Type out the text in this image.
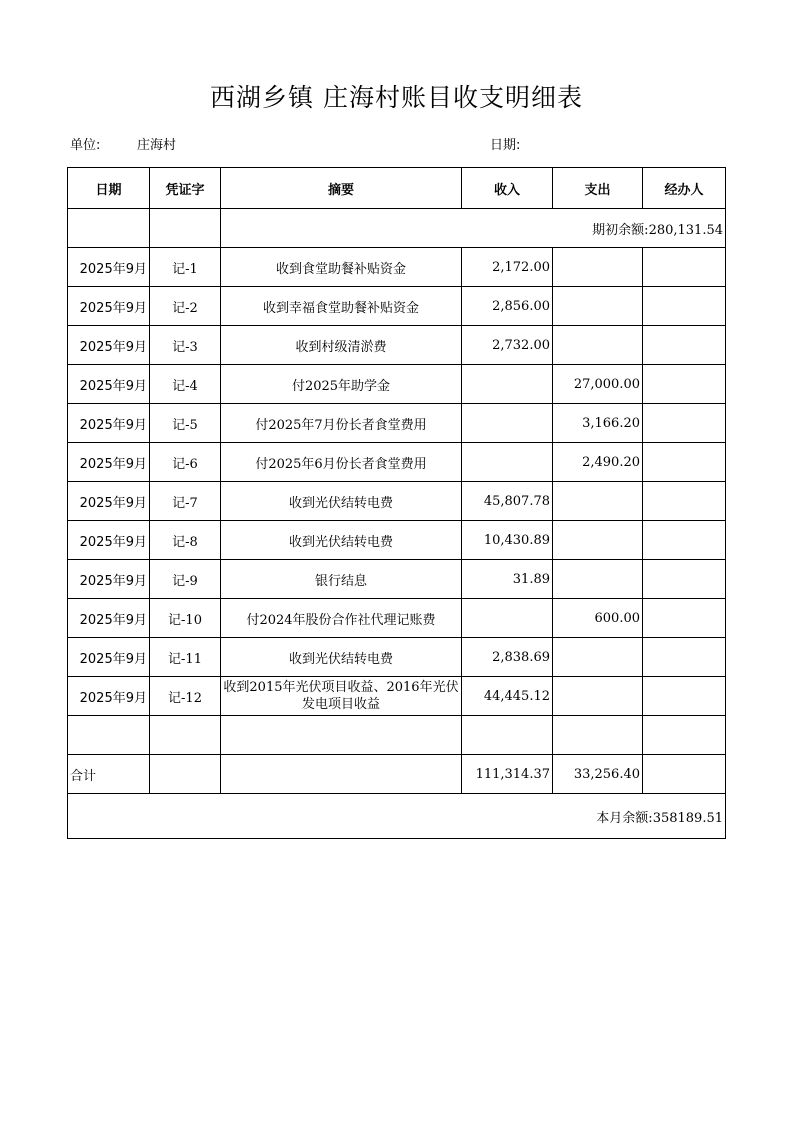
西湖乡镇 庄海村账目收支明细表
单位:	庄海村	日期:
日期	凭证字	摘要	收入	支出	经办人
		期初余额:280,131.54			
2025年9月	记-1	收到食堂助餐补贴资金	2,172.00		
2025年9月	记-2	收到幸福食堂助餐补贴资金	2,856.00		
2025年9月	记-3	收到村级清淤费	2,732.00		
2025年9月	记-4	付2025年助学金		27,000.00	
2025年9月	记-5	付2025年7月份长者食堂费用		3,166.20	
2025年9月	记-6	付2025年6月份长者食堂费用		2,490.20	
2025年9月	记-7	收到光伏结转电费	45,807.78		
2025年9月	记-8	收到光伏结转电费	10,430.89		
2025年9月	记-9	银行结息	31.89		
2025年9月	记-10	付2024年股份合作社代理记账费		600.00	
2025年9月	记-11	收到光伏结转电费	2,838.69		
2025年9月	记-12	收到2015年光伏项目收益、2016年光伏发电项目收益	44,445.12		

合计			111,314.37	33,256.40	
本月余额:358189.51					
